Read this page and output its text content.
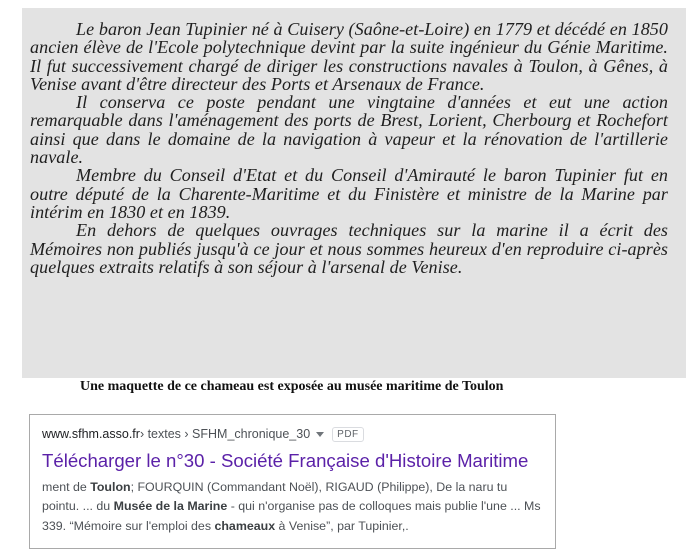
Le baron Jean Tupinier né à Cuisery (Saône-et-Loire) en 1779 et décédé en 1850 ancien élève de l'Ecole polytechnique devint par la suite ingénieur du Génie Maritime. Il fut successivement chargé de diriger les constructions navales à Toulon, à Gênes, à Venise avant d'être directeur des Ports et Arsenaux de France.

Il conserva ce poste pendant une vingtaine d'années et eut une action remarquable dans l'aménagement des ports de Brest, Lorient, Cherbourg et Rochefort ainsi que dans le domaine de la navigation à vapeur et la rénovation de l'artillerie navale.

Membre du Conseil d'Etat et du Conseil d'Amirauté le baron Tupinier fut en outre député de la Charente-Maritime et du Finistère et ministre de la Marine par intérim en 1830 et en 1839.

En dehors de quelques ouvrages techniques sur la marine il a écrit des Mémoires non publiés jusqu'à ce jour et nous sommes heureux d'en reproduire ci-après quelques extraits relatifs à son séjour à l'arsenal de Venise.

Une maquette de ce chameau est exposée au musée maritime de Toulon
www.sfhm.asso.fr › textes › SFHM_chronique_30	PDF
Télécharger le n°30 - Société Française d'Histoire Maritime
ment de Toulon; FOURQUIN (Commandant Noël), RIGAUD (Philippe), De la naru tu pointu. ... du Musée de la Marine - qui n'organise pas de colloques mais publie l'une ... Ms 339. “Mémoire sur l'emploi des chameaux à Venise”, par Tupinier,.
